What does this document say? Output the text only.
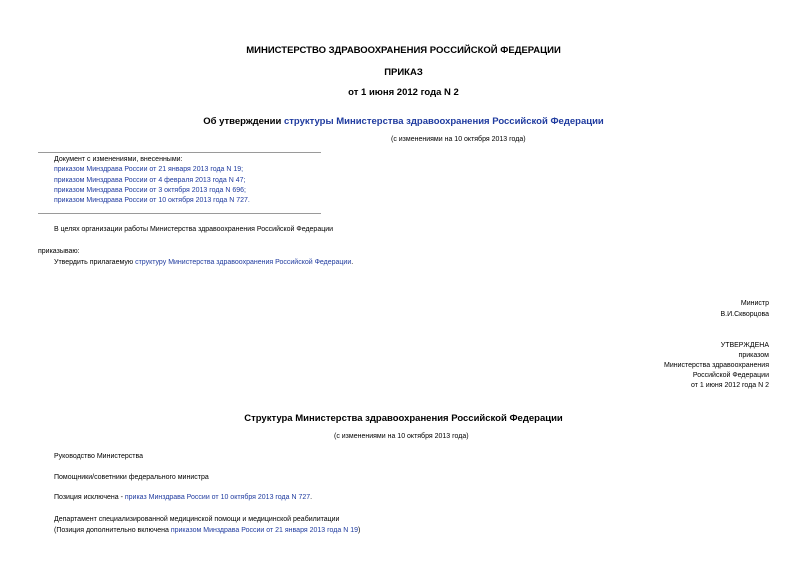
МИНИСТЕРСТВО ЗДРАВООХРАНЕНИЯ РОССИЙСКОЙ ФЕДЕРАЦИИ
ПРИКАЗ
от 1 июня 2012 года N 2
Об утверждении структуры Министерства здравоохранения Российской Федерации
(с изменениями на 10 октября 2013 года)
Документ с изменениями, внесенными:
приказом Минздрава России от 21 января 2013 года N 19;
приказом Минздрава России от 4 февраля 2013 года N 47;
приказом Минздрава России от 3 октября 2013 года N 696;
приказом Минздрава России от 10 октября 2013 года N 727.
В целях организации работы Министерства здравоохранения Российской Федерации
приказываю:
Утвердить прилагаемую структуру Министерства здравоохранения Российской Федерации.
Министр
В.И.Скворцова
УТВЕРЖДЕНА
приказом
Министерства здравоохранения
Российской Федерации
от 1 июня 2012 года N 2
Структура Министерства здравоохранения Российской Федерации
(с изменениями на 10 октября 2013 года)
Руководство Министерства
Помощники/советники федерального министра
Позиция исключена - приказ Минздрава России от 10 октября 2013 года N 727.
Департамент специализированной медицинской помощи и медицинской реабилитации
(Позиция дополнительно включена приказом Минздрава России от 21 января 2013 года N 19)
